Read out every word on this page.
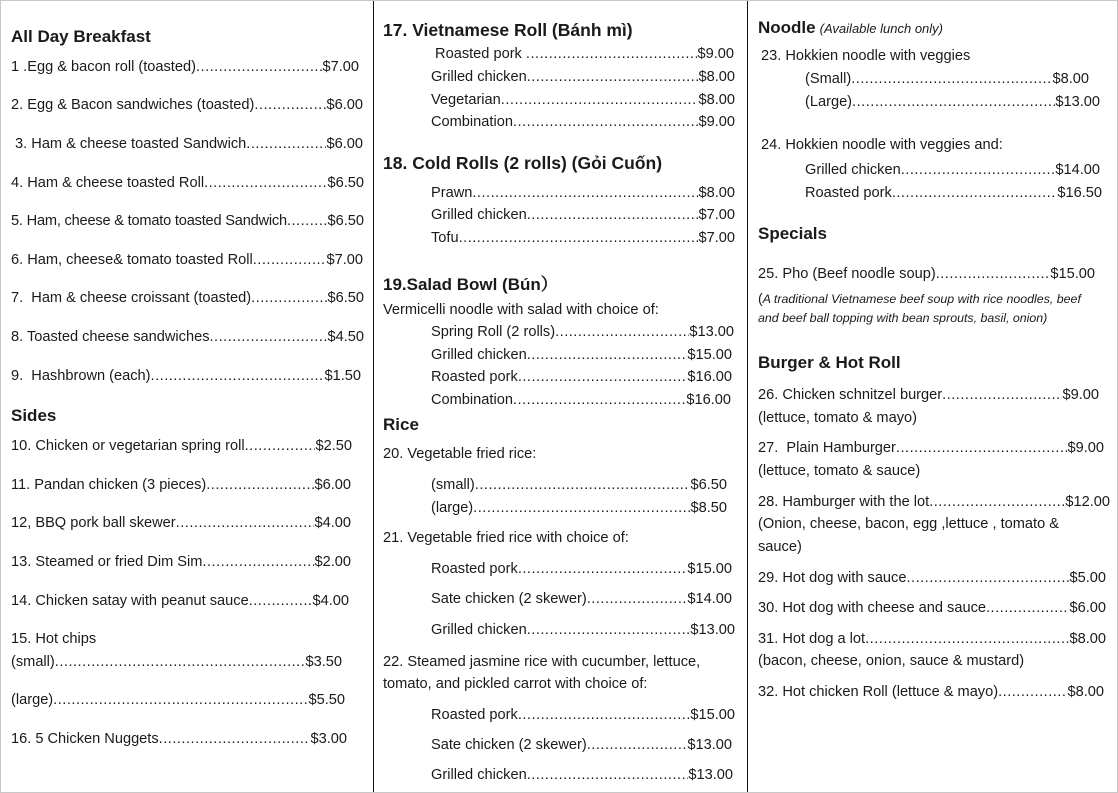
All Day Breakfast
1 .Egg & bacon roll (toasted) .....	$7.00
2. Egg & Bacon sandwiches (toasted) .....	$6.00
3. Ham & cheese toasted Sandwich .....	$6.00
4. Ham & cheese toasted Roll .....	$6.50
5. Ham, cheese & tomato toasted Sandwich .....	$6.50
6. Ham, cheese& tomato toasted Roll .....	$7.00
7.  Ham & cheese croissant (toasted) .....	$6.50
8. Toasted cheese sandwiches .....	$4.50
9.  Hashbrown (each) .....	$1.50
Sides
10. Chicken or vegetarian spring roll .....	$2.50
11. Pandan chicken (3 pieces) .....	$6.00
12, BBQ pork ball skewer .....	$4.00
13. Steamed or fried Dim Sim .....	$2.00
14. Chicken satay with peanut sauce .....	$4.00
15. Hot chips
(small) .....	$3.50
(large) .....	$5.50
16. 5 Chicken Nuggets .....	$3.00
17. Vietnamese Roll (Bánh mì)
Roasted pork .....	$9.00
Grilled chicken .....	$8.00
Vegetarian .....	$8.00
Combination .....	$9.00
18. Cold Rolls (2 rolls) (Gỏi Cuốn)
Prawn .....	$8.00
Grilled chicken .....	$7.00
Tofu .....	$7.00
19.Salad Bowl (Bún）
Vermicelli noodle with salad with choice of:
Spring Roll (2 rolls) .....	$13.00
Grilled chicken .....	$15.00
Roasted pork .....	$16.00
Combination .....	$16.00
Rice
20. Vegetable fried rice:
(small) .....	$6.50
(large) .....	$8.50
21. Vegetable fried rice with choice of:
Roasted pork .....	$15.00
Sate chicken (2 skewer) .....	$14.00
Grilled chicken .....	$13.00
22. Steamed jasmine rice with cucumber, lettuce,
tomato, and pickled carrot with choice of:
Roasted pork .....	$15.00
Sate chicken (2 skewer) .....	$13.00
Grilled chicken .....	$13.00
Noodle (Available lunch only)
23. Hokkien noodle with veggies
(Small) .....	$8.00
(Large) .....	$13.00
24. Hokkien noodle with veggies and:
Grilled chicken .....	$14.00
Roasted pork .....	$16.50
Specials
25. Pho (Beef noodle soup) .....	$15.00
(A traditional Vietnamese beef soup with rice noodles, beef
and beef ball topping with bean sprouts, basil, onion)
Burger & Hot Roll
26. Chicken schnitzel burger .....	$9.00
(lettuce, tomato & mayo)
27.  Plain Hamburger .....	$9.00
(lettuce, tomato & sauce)
28. Hamburger with the lot .....	$12.00
(Onion, cheese, bacon, egg ,lettuce , tomato &
sauce)
29. Hot dog with sauce .....	$5.00
30. Hot dog with cheese and sauce .....	$6.00
31. Hot dog a lot .....	$8.00
(bacon, cheese, onion, sauce & mustard)
32. Hot chicken Roll (lettuce & mayo) .....	$8.00
